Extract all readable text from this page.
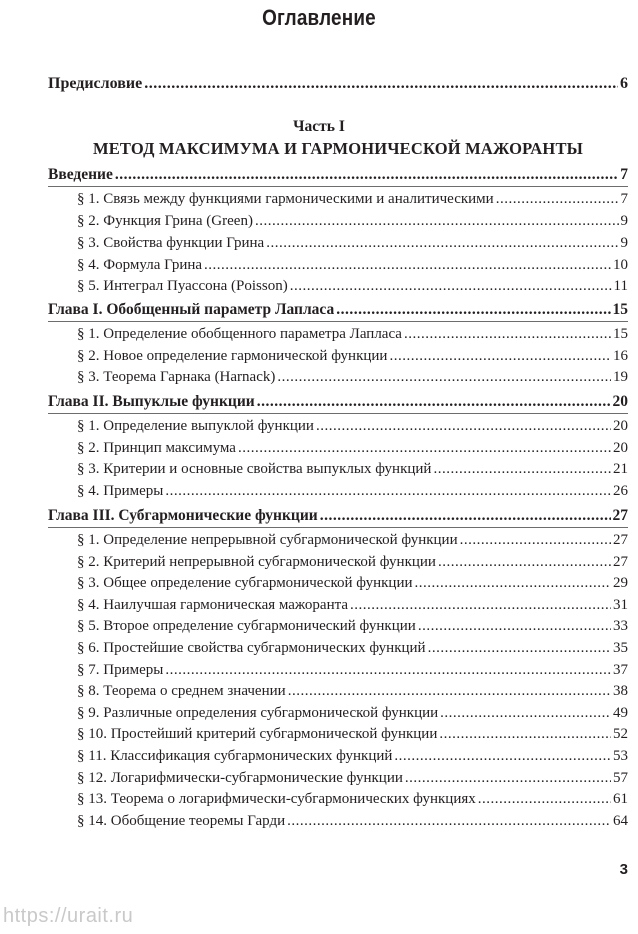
Оглавление
Предисловие .....	6
Часть I
МЕТОД МАКСИМУМА И ГАРМОНИЧЕСКОЙ МАЖОРАНТЫ
Введение .....	7
§ 1. Связь между функциями гармоническими и аналитическими .....	7
§ 2. Функция Грина (Green) .....	9
§ 3. Свойства функции Грина .....	9
§ 4. Формула Грина .....	10
§ 5. Интеграл Пуассона (Poisson) .....	11
Глава I. Обобщенный параметр Лапласа .....	15
§ 1. Определение обобщенного параметра Лапласа .....	15
§ 2. Новое определение гармонической функции .....	16
§ 3. Теорема Гарнака (Harnack) .....	19
Глава II. Выпуклые функции .....	20
§ 1. Определение выпуклой функции .....	20
§ 2. Принцип максимума .....	20
§ 3. Критерии и основные свойства выпуклых функций .....	21
§ 4. Примеры .....	26
Глава III. Субгармонические функции .....	27
§ 1. Определение непрерывной субгармонической функции .....	27
§ 2. Критерий непрерывной субгармонической функции .....	27
§ 3. Общее определение субгармонической функции .....	29
§ 4. Наилучшая гармоническая мажоранта .....	31
§ 5. Второе определение субгармоничеcкий функции .....	33
§ 6. Простейшие свойства субгармонических функций .....	35
§ 7. Примеры .....	37
§ 8. Теорема о среднем значении .....	38
§ 9. Различные определения субгармонической функции .....	49
§ 10. Простейший критерий субгармонической функции .....	52
§ 11. Классификация субгармонических функций .....	53
§ 12. Логарифмически-субгармонические функции .....	57
§ 13. Теорема о логарифмически-субгармонических функциях .....	61
§ 14. Обобщение теоремы Гарди .....	64
3
https://urait.ru
